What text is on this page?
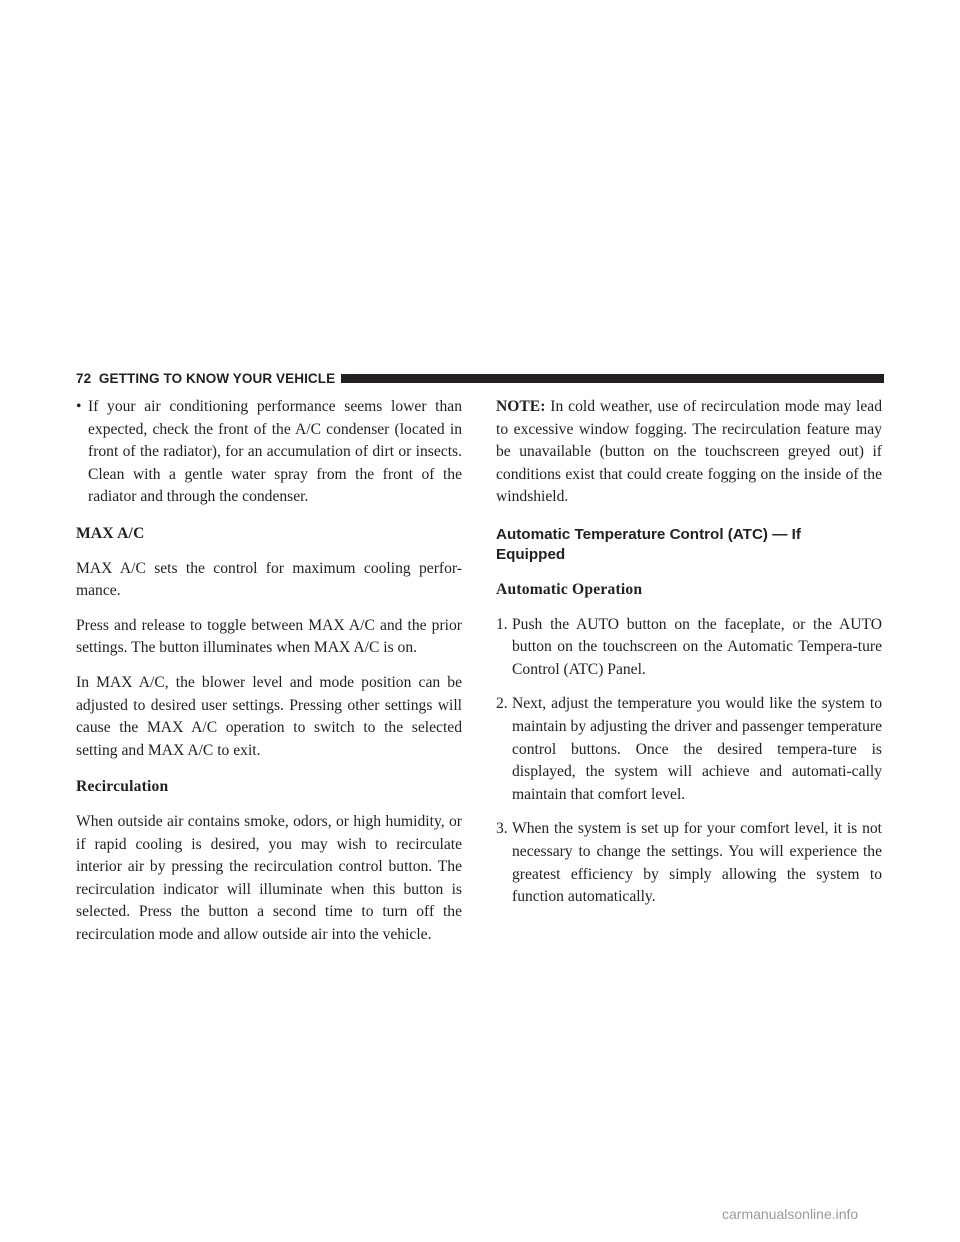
72
GETTING TO KNOW YOUR VEHICLE
• If your air conditioning performance seems lower than expected, check the front of the A/C condenser (located in front of the radiator), for an accumulation of dirt or insects. Clean with a gentle water spray from the front of the radiator and through the condenser.

MAX A/C

MAX A/C sets the control for maximum cooling perfor-mance.

Press and release to toggle between MAX A/C and the prior settings. The button illuminates when MAX A/C is on.

In MAX A/C, the blower level and mode position can be adjusted to desired user settings. Pressing other settings will cause the MAX A/C operation to switch to the selected setting and MAX A/C to exit.

Recirculation

When outside air contains smoke, odors, or high humidity, or if rapid cooling is desired, you may wish to recirculate interior air by pressing the recirculation control button. The recirculation indicator will illuminate when this button is selected. Press the button a second time to turn off the recirculation mode and allow outside air into the vehicle.

NOTE: In cold weather, use of recirculation mode may lead to excessive window fogging. The recirculation feature may be unavailable (button on the touchscreen greyed out) if conditions exist that could create fogging on the inside of the windshield.

Automatic Temperature Control (ATC) — If
Equipped

Automatic Operation

1. Push the AUTO button on the faceplate, or the AUTO button on the touchscreen on the Automatic Tempera-ture Control (ATC) Panel.

2. Next, adjust the temperature you would like the system to maintain by adjusting the driver and passenger temperature control buttons. Once the desired tempera-ture is displayed, the system will achieve and automati-cally maintain that comfort level.

3. When the system is set up for your comfort level, it is not necessary to change the settings. You will experience the greatest efficiency by simply allowing the system to function automatically.

carmanualsonline.info
